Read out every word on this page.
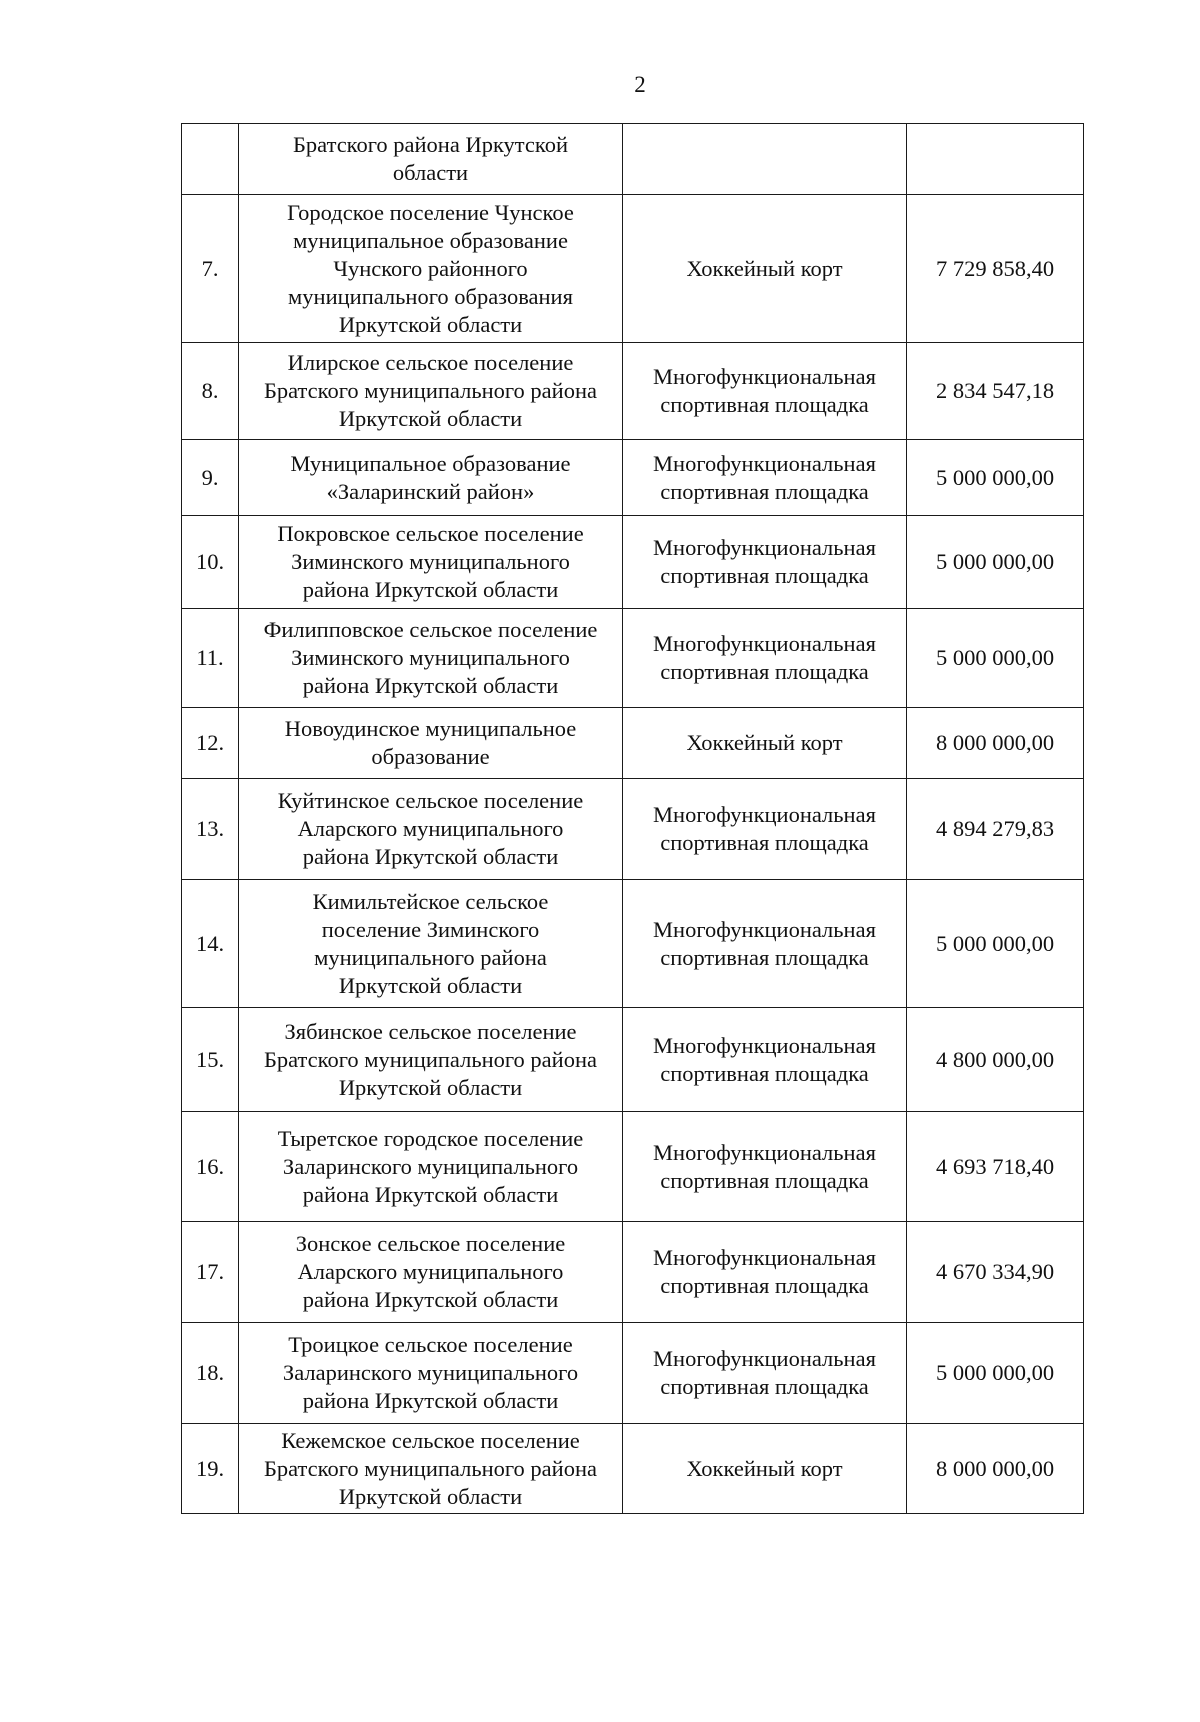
2
	Братского района Иркутской
области		
7.	Городское поселение Чунское
муниципальное образование
Чунского районного
муниципального образования
Иркутской области	Хоккейный корт	7 729 858,40
8.	Илирское сельское поселение
Братского муниципального района
Иркутской области	Многофункциональная
спортивная площадка	2 834 547,18
9.	Муниципальное образование
«Заларинский район»	Многофункциональная
спортивная площадка	5 000 000,00
10.	Покровское сельское поселение
Зиминского муниципального
района Иркутской области	Многофункциональная
спортивная площадка	5 000 000,00
11.	Филипповское сельское поселение
Зиминского муниципального
района Иркутской области	Многофункциональная
спортивная площадка	5 000 000,00
12.	Новоудинское муниципальное
образование	Хоккейный корт	8 000 000,00
13.	Куйтинское сельское поселение
Аларского муниципального
района Иркутской области	Многофункциональная
спортивная площадка	4 894 279,83
14.	Кимильтейское сельское
поселение Зиминского
муниципального района
Иркутской области	Многофункциональная
спортивная площадка	5 000 000,00
15.	Зябинское сельское поселение
Братского муниципального района
Иркутской области	Многофункциональная
спортивная площадка	4 800 000,00
16.	Тыретское городское поселение
Заларинского муниципального
района Иркутской области	Многофункциональная
спортивная площадка	4 693 718,40
17.	Зонское сельское поселение
Аларского муниципального
района Иркутской области	Многофункциональная
спортивная площадка	4 670 334,90
18.	Троицкое сельское поселение
Заларинского муниципального
района Иркутской области	Многофункциональная
спортивная площадка	5 000 000,00
19.	Кежемское сельское поселение
Братского муниципального района
Иркутской области	Хоккейный корт	8 000 000,00
